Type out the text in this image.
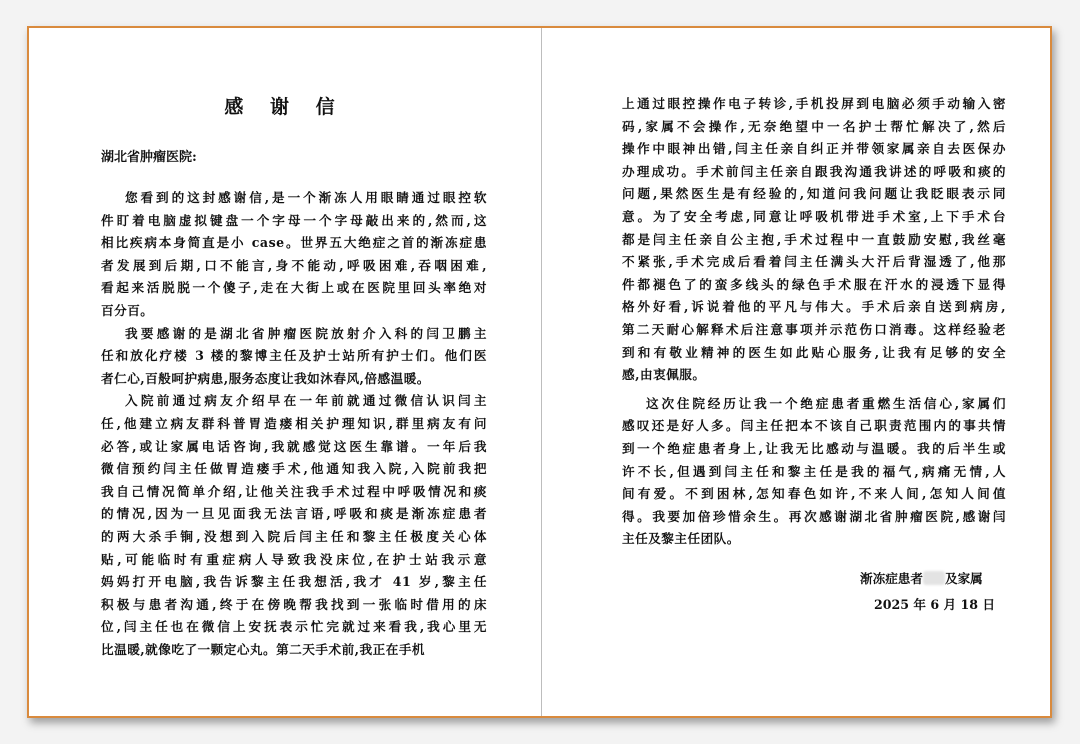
感 谢 信
湖北省肿瘤医院:
您看到的这封感谢信,是一个渐冻人用眼睛通过眼控软
件盯着电脑虚拟键盘一个字母一个字母敲出来的,然而,这
相比疾病本身简直是小 case。世界五大绝症之首的渐冻症患
者发展到后期,口不能言,身不能动,呼吸困难,吞咽困难,
看起来活脱脱一个傻子,走在大街上或在医院里回头率绝对
百分百。
我要感谢的是湖北省肿瘤医院放射介入科的闫卫鹏主
任和放化疗楼 3 楼的黎博主任及护士站所有护士们。他们医
者仁心,百般呵护病患,服务态度让我如沐春风,倍感温暖。
入院前通过病友介绍早在一年前就通过微信认识闫主
任,他建立病友群科普胃造瘘相关护理知识,群里病友有问
必答,或让家属电话咨询,我就感觉这医生靠谱。一年后我
微信预约闫主任做胃造瘘手术,他通知我入院,入院前我把
我自己情况简单介绍,让他关注我手术过程中呼吸情况和痰
的情况,因为一旦见面我无法言语,呼吸和痰是渐冻症患者
的两大杀手锏,没想到入院后闫主任和黎主任极度关心体
贴,可能临时有重症病人导致我没床位,在护士站我示意
妈妈打开电脑,我告诉黎主任我想活,我才 41 岁,黎主任
积极与患者沟通,终于在傍晚帮我找到一张临时借用的床
位,闫主任也在微信上安抚表示忙完就过来看我,我心里无
比温暖,就像吃了一颗定心丸。第二天手术前,我正在手机
上通过眼控操作电子转诊,手机投屏到电脑必须手动输入密
码,家属不会操作,无奈绝望中一名护士帮忙解决了,然后
操作中眼神出错,闫主任亲自纠正并带领家属亲自去医保办
办理成功。手术前闫主任亲自跟我沟通我讲述的呼吸和痰的
问题,果然医生是有经验的,知道问我问题让我眨眼表示同
意。为了安全考虑,同意让呼吸机带进手术室,上下手术台
都是闫主任亲自公主抱,手术过程中一直鼓励安慰,我丝毫
不紧张,手术完成后看着闫主任满头大汗后背湿透了,他那
件都褪色了的蛮多线头的绿色手术服在汗水的浸透下显得
格外好看,诉说着他的平凡与伟大。手术后亲自送到病房,
第二天耐心解释术后注意事项并示范伤口消毒。这样经验老
到和有敬业精神的医生如此贴心服务,让我有足够的安全
感,由衷佩服。
这次住院经历让我一个绝症患者重燃生活信心,家属们
感叹还是好人多。闫主任把本不该自己职责范围内的事共情
到一个绝症患者身上,让我无比感动与温暖。我的后半生或
许不长,但遇到闫主任和黎主任是我的福气,病痛无情,人
间有爱。不到困林,怎知春色如许,不来人间,怎知人间值
得。我要加倍珍惜余生。再次感谢湖北省肿瘤医院,感谢闫
主任及黎主任团队。
渐冻症患者 及家属
2025 年 6 月 18 日
